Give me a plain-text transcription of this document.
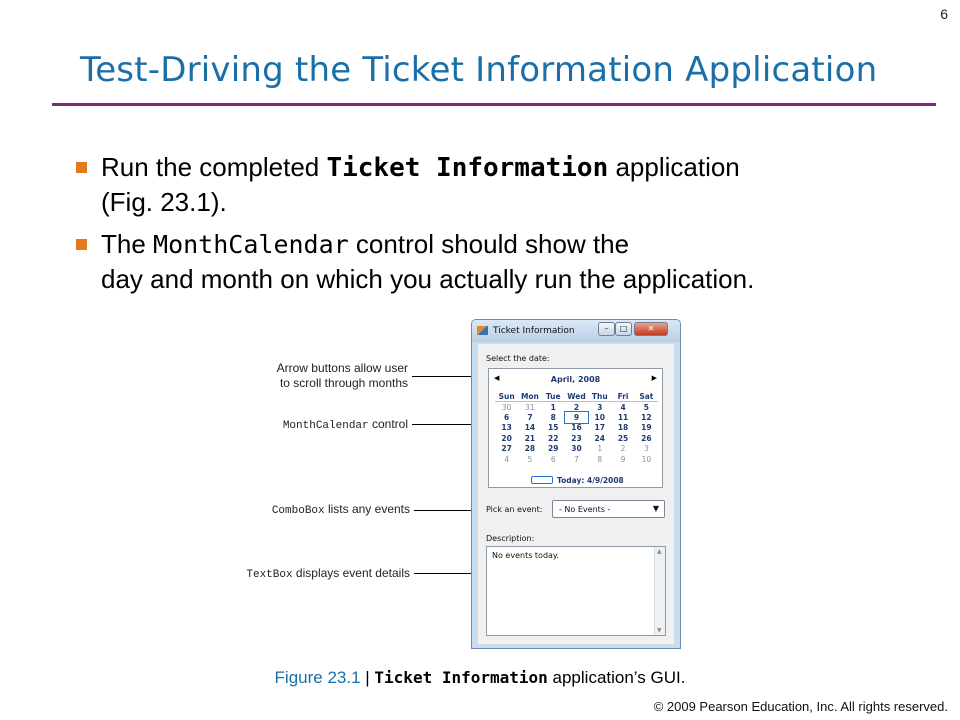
6
Test-Driving the Ticket Information Application
Run the completed Ticket Information application
(Fig. 23.1).
The MonthCalendar control should show the
day and month on which you actually run the application.
Arrow buttons allow user
to scroll through months
MonthCalendar control
ComboBox lists any events
TextBox displays event details
Ticket Information	–	□	✕
Select the date:
◀	April, 2008	▶
Sun	Mon	Tue	Wed	Thu	Fri	Sat
30	31	1	2	3	4	5
6	7	8	9	10	11	12
13	14	15	16	17	18	19
20	21	22	23	24	25	26
27	28	29	30	1	2	3
4	5	6	7	8	9	10
Today: 4/9/2008
Pick an event: - No Events -	▼
Description:
No events today.	▲
▼
Figure 23.1 | Ticket Information application’s GUI.
© 2009 Pearson Education, Inc. All rights reserved.
